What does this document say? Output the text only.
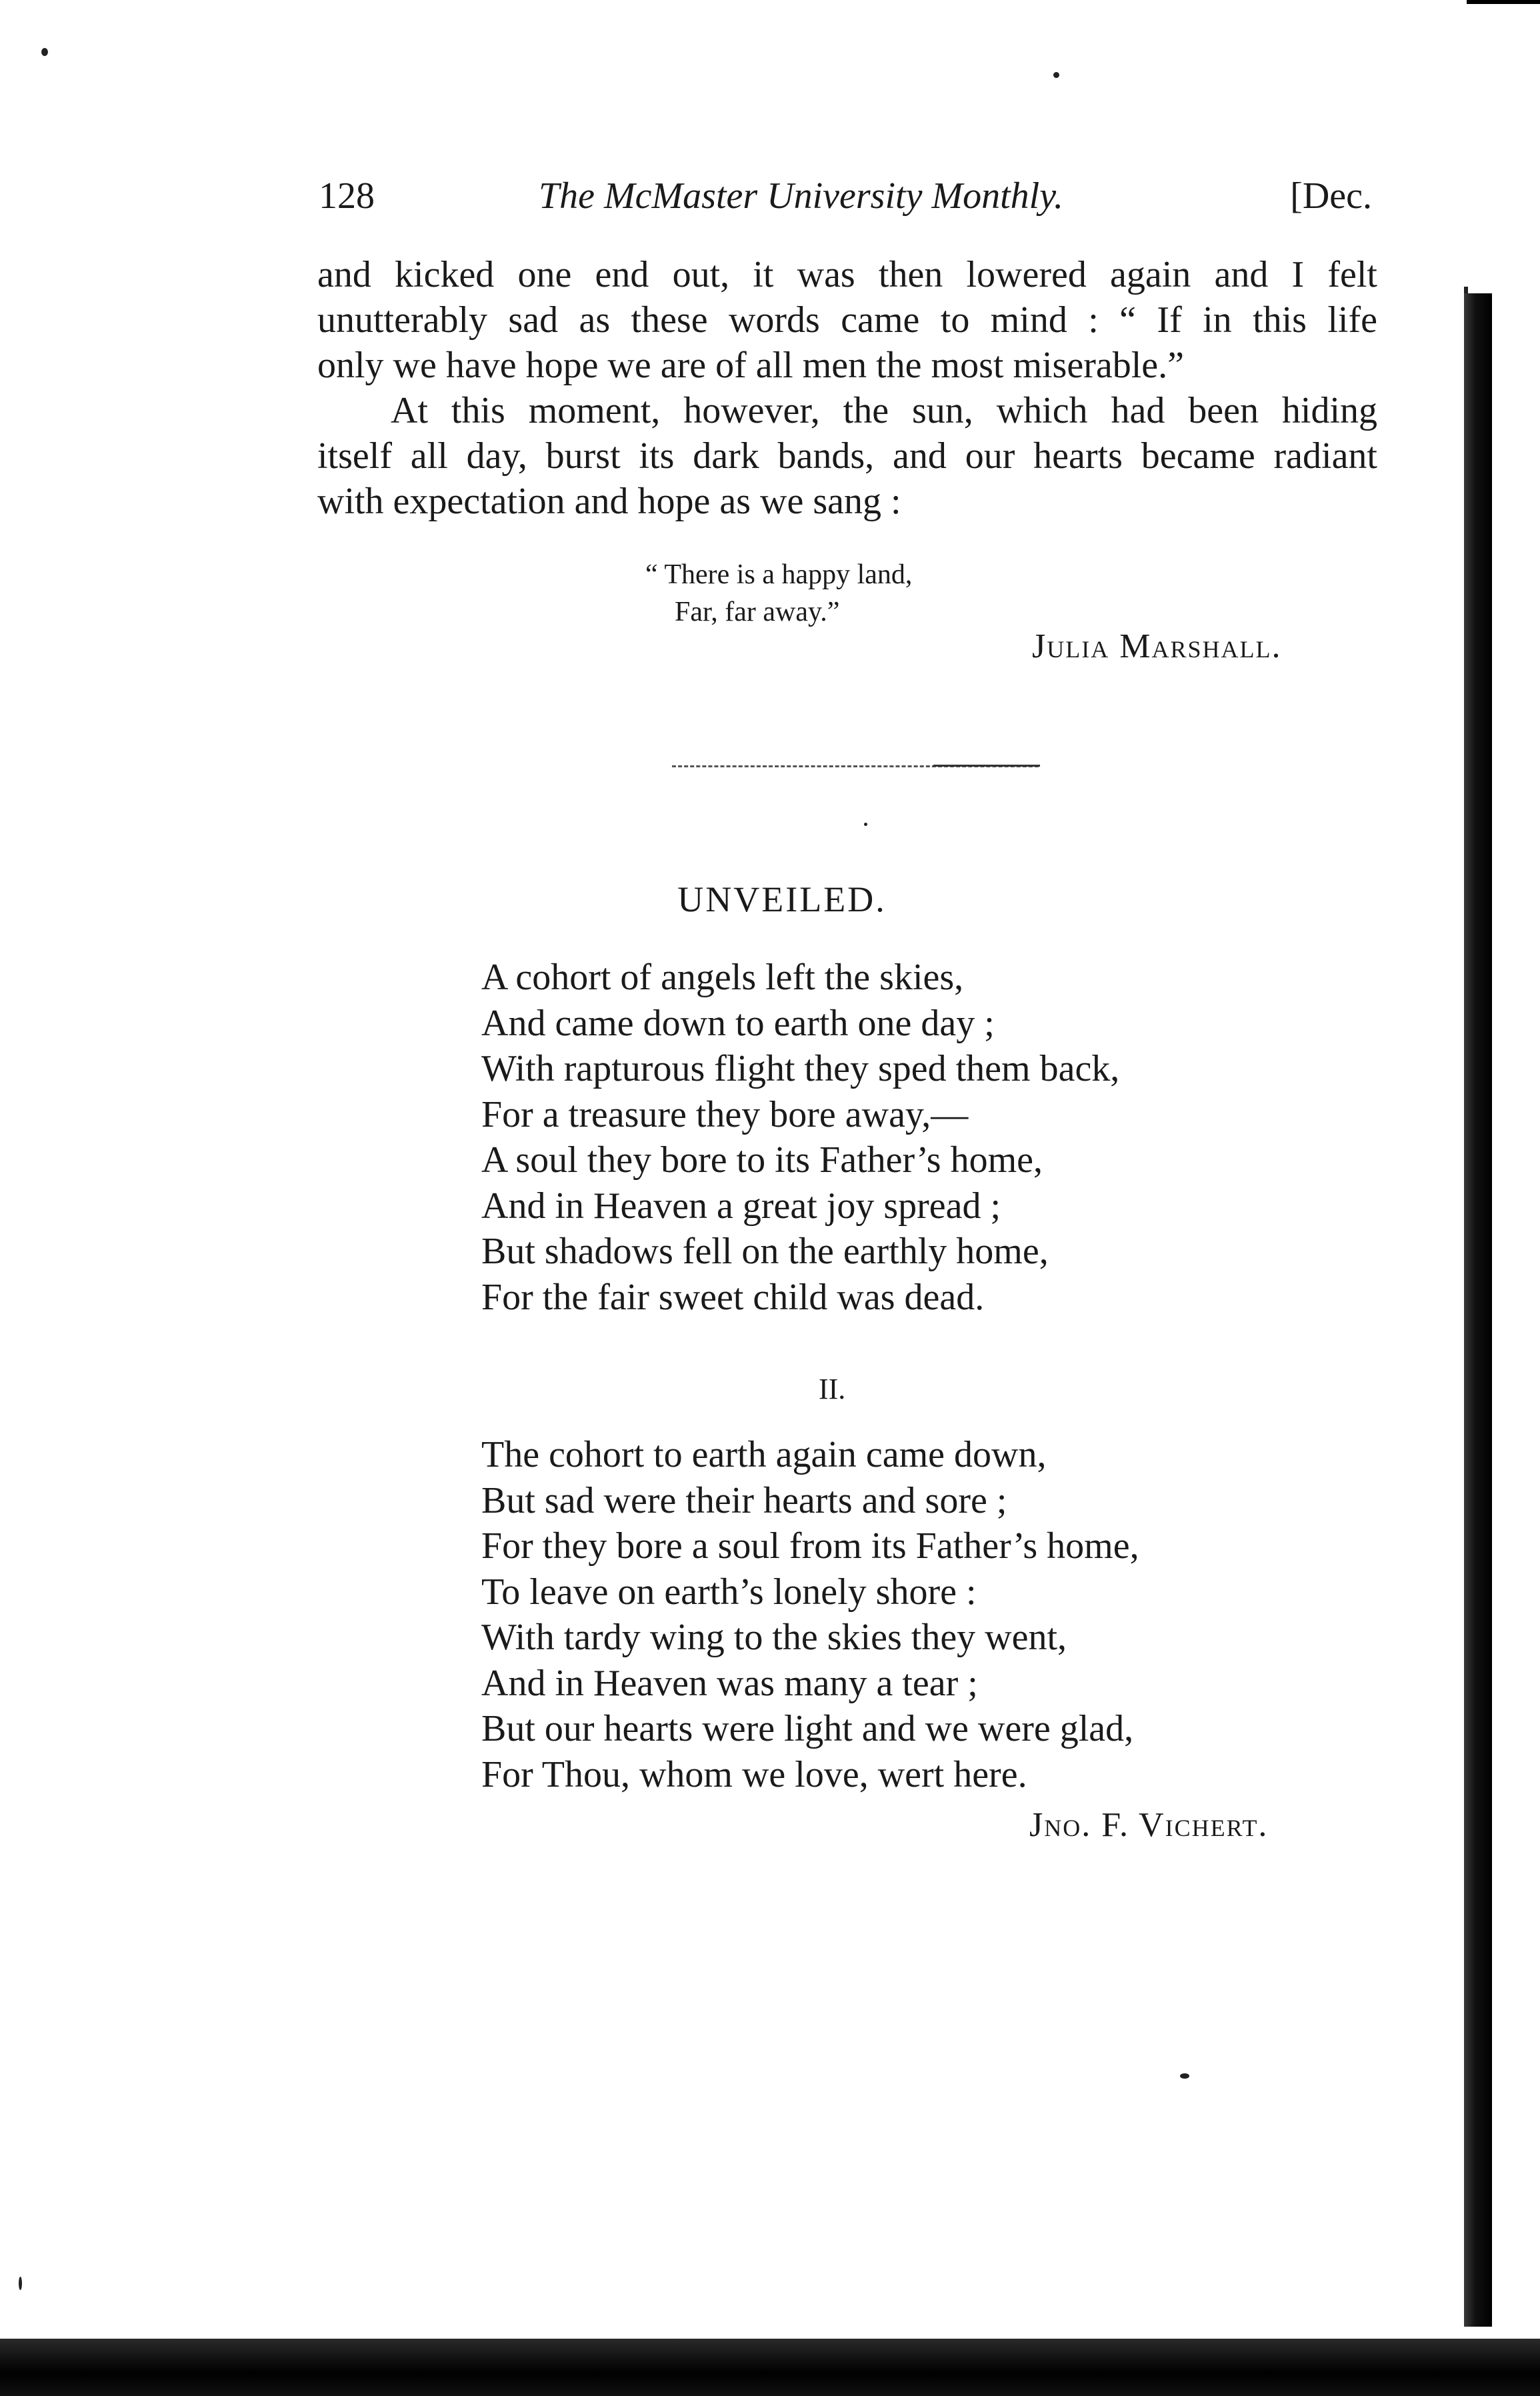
128	The McMaster University Monthly.	[Dec.
and kicked one end out, it was then lowered again and I felt
unutterably sad as these words came to mind : “ If in this life
only we have hope we are of all men the most miserable.”
At this moment, however, the sun, which had been hiding
itself all day, burst its dark bands, and our hearts became radiant
with expectation and hope as we sang :
“ There is a happy land,
Far, far away.”
Julia Marshall.
UNVEILED.
A cohort of angels left the skies,
And came down to earth one day ;
With rapturous flight they sped them back,
For a treasure they bore away,—
A soul they bore to its Father’s home,
And in Heaven a great joy spread ;
But shadows fell on the earthly home,
For the fair sweet child was dead.
II.
The cohort to earth again came down,
But sad were their hearts and sore ;
For they bore a soul from its Father’s home,
To leave on earth’s lonely shore :
With tardy wing to the skies they went,
And in Heaven was many a tear ;
But our hearts were light and we were glad,
For Thou, whom we love, wert here.
Jno. F. Vichert.
